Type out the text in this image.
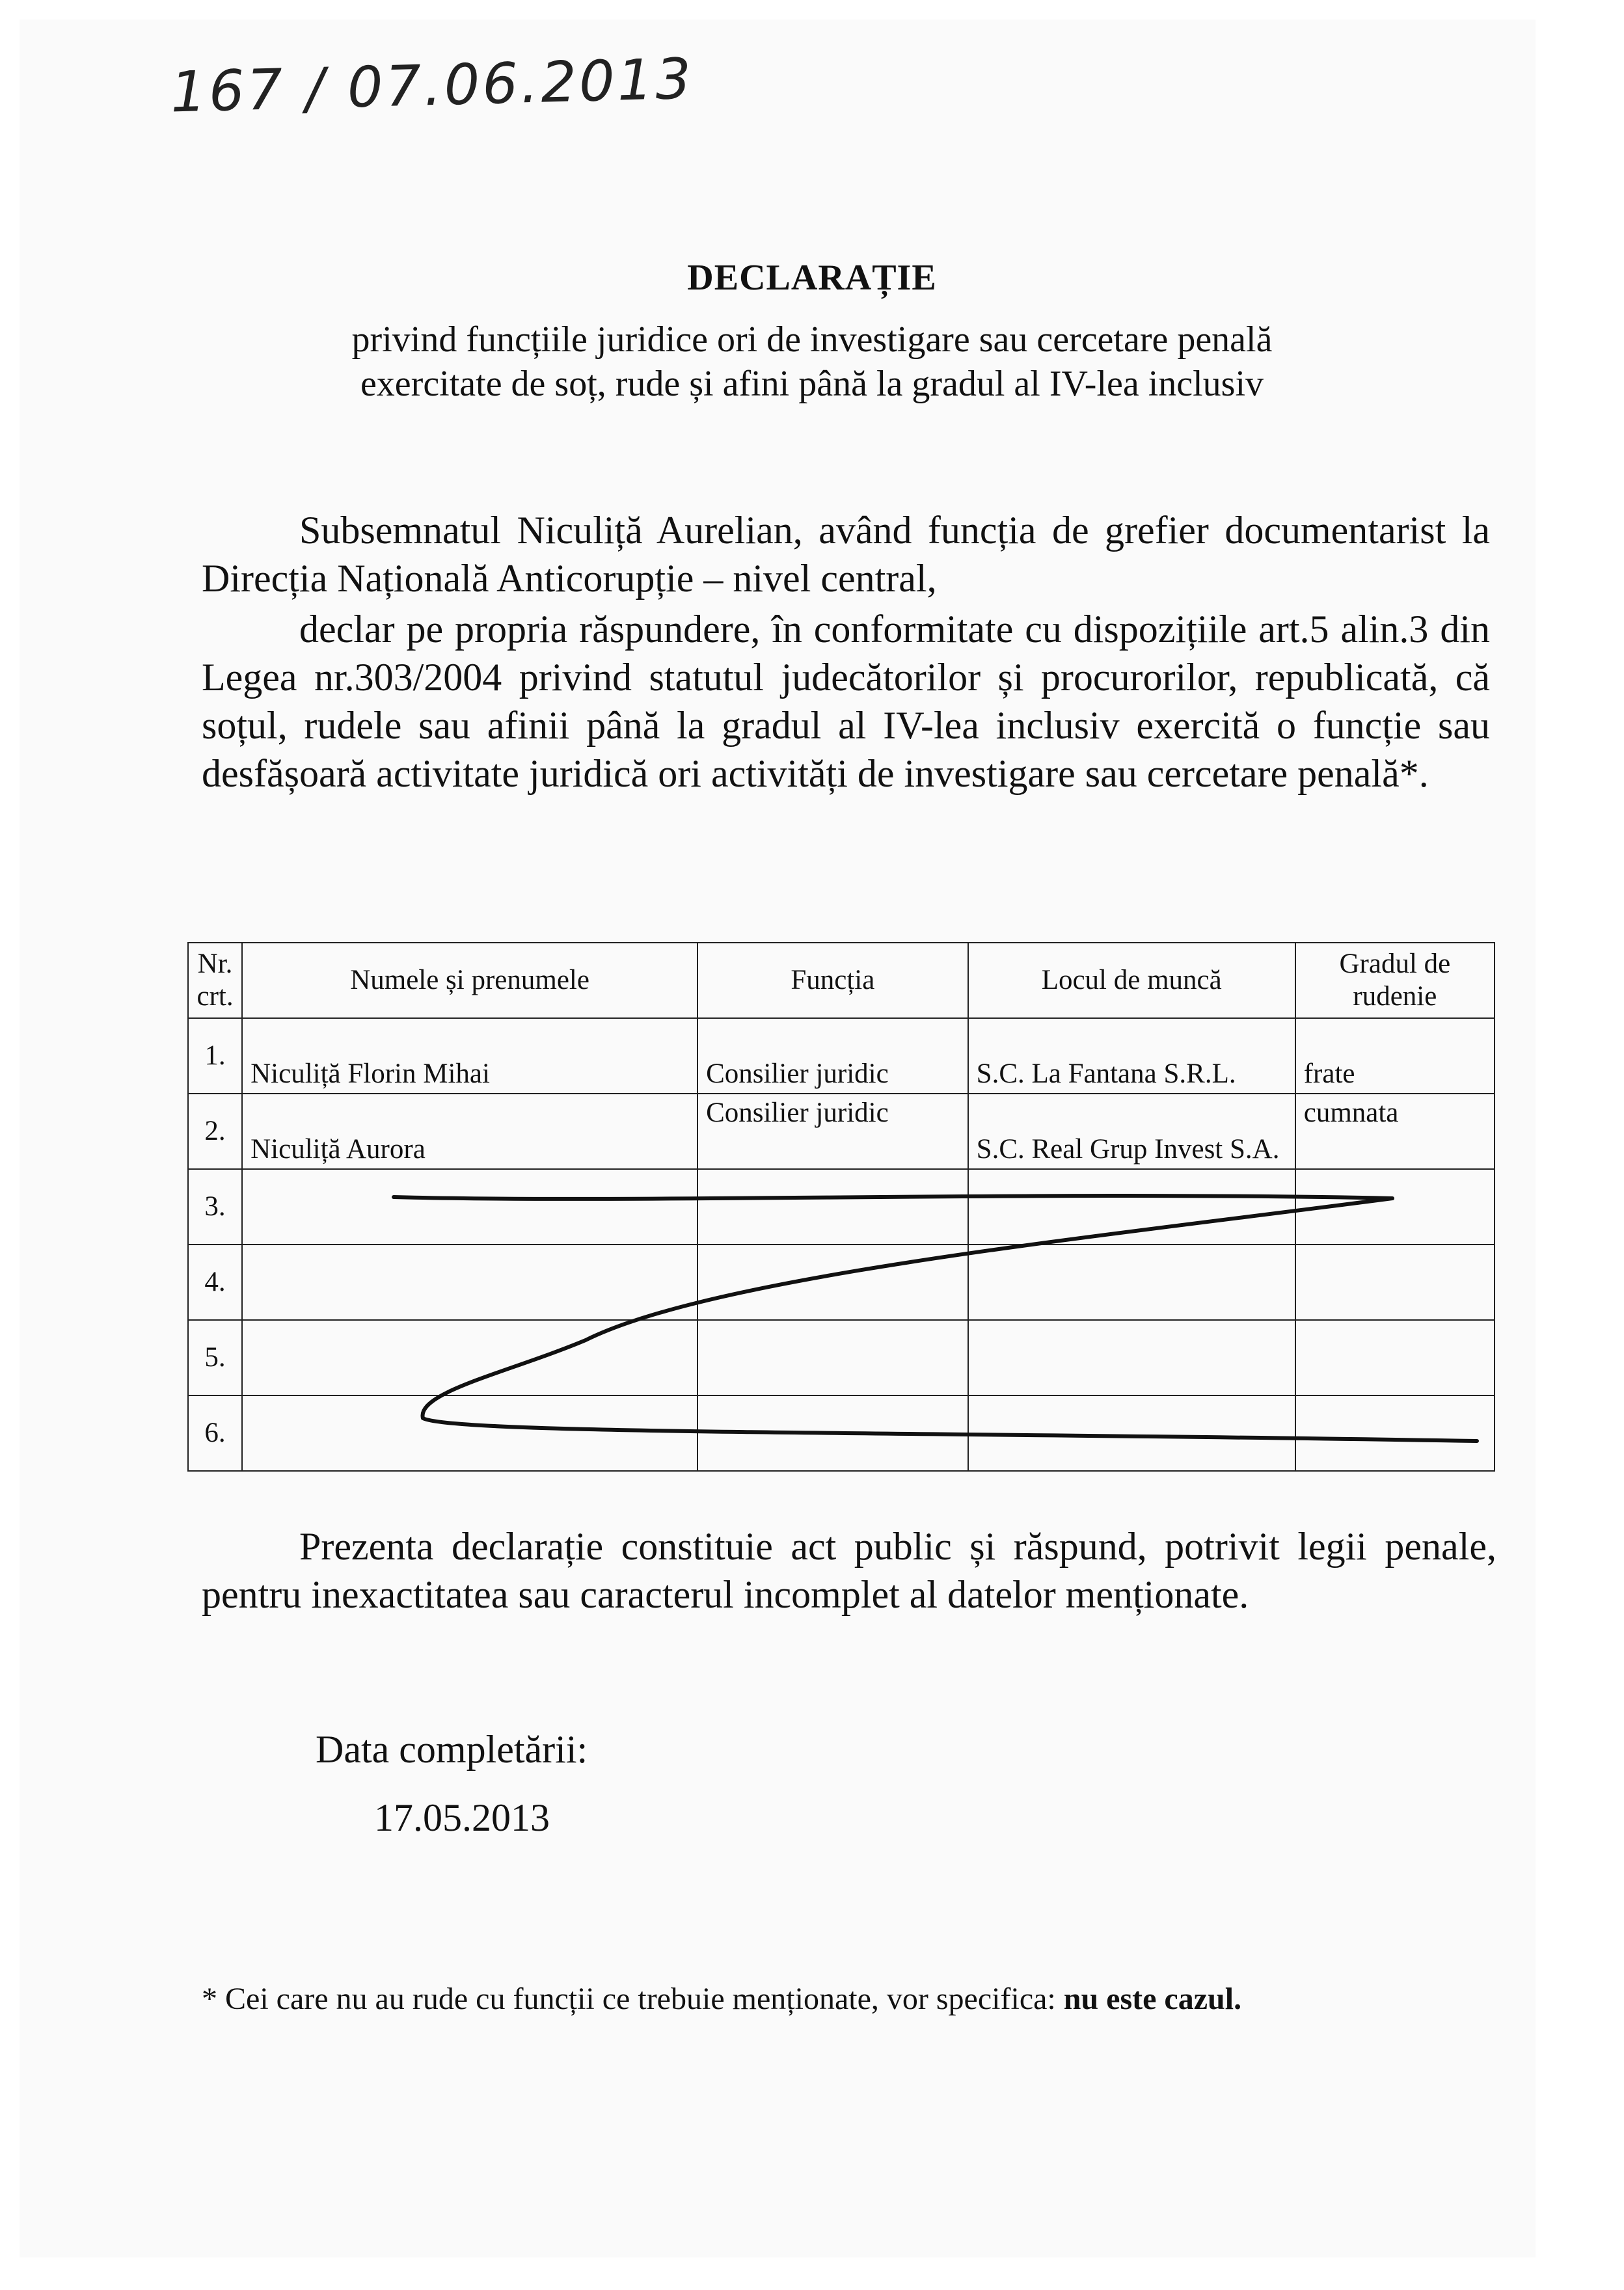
167 / 07.06.2013
DECLARAȚIE
privind funcțiile juridice ori de investigare sau cercetare penală
exercitate de soț, rude și afini până la gradul al IV-lea inclusiv
Subsemnatul Niculiță Aurelian, având funcția de grefier documentarist la Direcția Națională Anticorupție – nivel central,
declar pe propria răspundere, în conformitate cu dispozițiile art.5 alin.3 din Legea nr.303/2004 privind statutul judecătorilor și procurorilor, republicată, că soțul, rudele sau afinii până la gradul al IV-lea inclusiv exercită o funcție sau desfășoară activitate juridică ori activități de investigare sau cercetare penală*.
Nr. crt.	Numele și prenumele	Funcția	Locul de muncă	Gradul de rudenie
1.	Niculiță Florin Mihai	Consilier juridic	S.C. La Fantana S.R.L.	frate
2.	Niculiță Aurora	Consilier juridic	S.C. Real Grup Invest S.A.	cumnata
3.				
4.				
5.				
6.				
Prezenta declarație constituie act public și răspund, potrivit legii penale, pentru inexactitatea sau caracterul incomplet al datelor menționate.
Data completării:
17.05.2013
* Cei care nu au rude cu funcții ce trebuie menționate, vor specifica: nu este cazul.
